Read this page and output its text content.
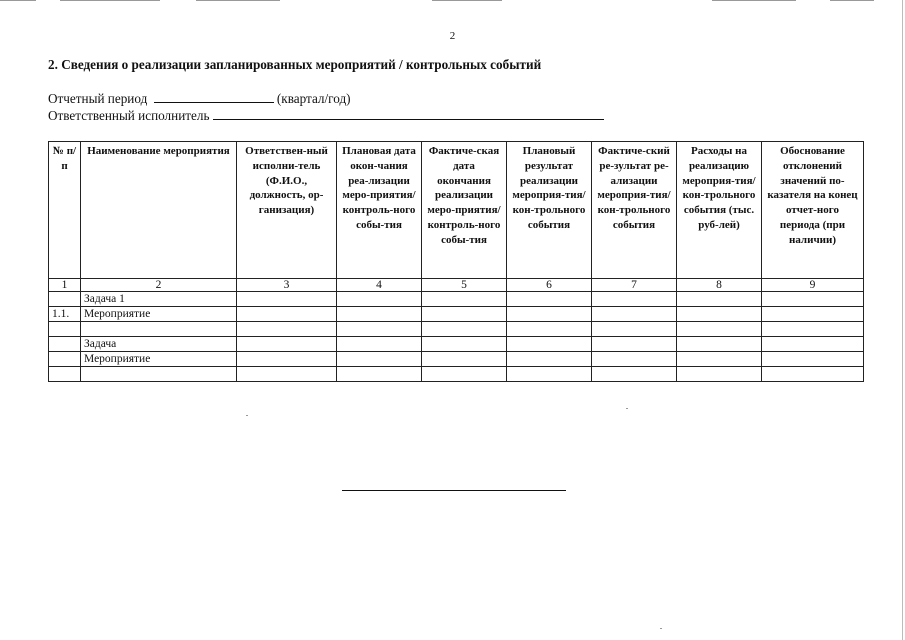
2
2. Сведения о реализации запланированных мероприятий / контрольных событий
Отчетный период	(квартал/год)
Ответственный исполнитель
№ п/п	Наименование мероприятия	Ответствен-ный исполни-тель (Ф.И.О., должность, ор-ганизация)	Плановая дата окон-чания реа-лизации меро-приятия/ контроль-ного собы-тия	Фактиче-ская дата окончания реализации меро-приятия/ контроль-ного собы-тия	Плановый результат реализации мероприя-тия/ кон-трольного события	Фактиче-ский ре-зультат ре-ализации мероприя-тия/ кон-трольного события	Расходы на реализацию мероприя-тия/ кон-трольного события (тыс. руб-лей)	Обоснование отклонений значений по-казателя на конец отчет-ного периода (при наличии)

1	2	3	4	5	6	7	8	9
	Задача 1							
1.1.	Мероприятие							

	Задача							
	Мероприятие							
